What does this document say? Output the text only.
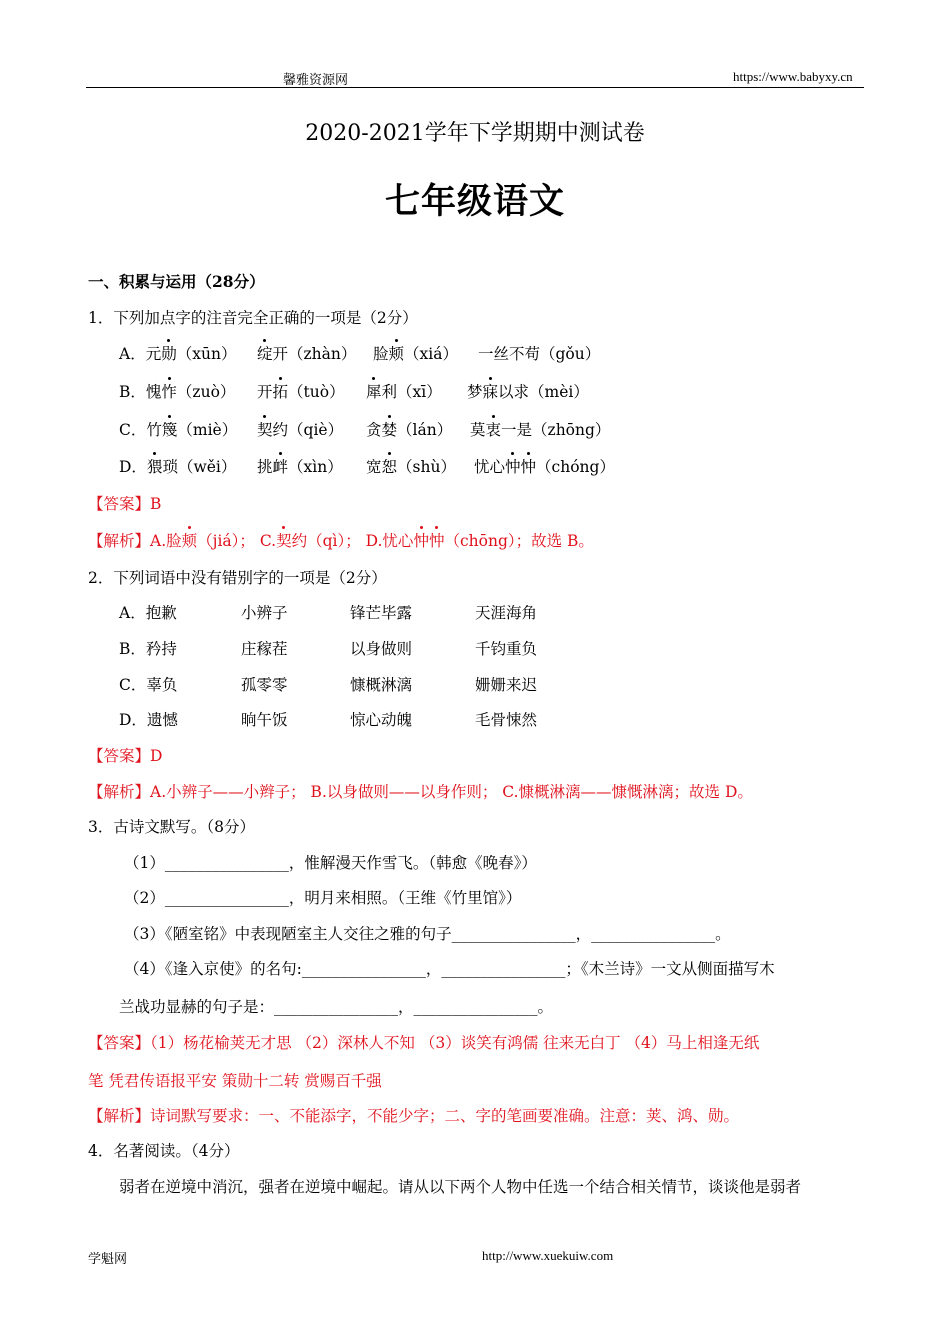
馨雅资源网	https://www.babyxy.cn
2020-2021学年下学期期中测试卷
七年级语文
一、积累与运用（28分）
1．下列加点字的注音完全正确的一项是（2分）
A．元勋（xūn） 绽开（zhàn） 脸颊（xiá） 一丝不苟（gǒu）
B．愧怍（zuò） 开拓（tuò） 犀利（xī） 梦寐以求（mèi）
C．竹篾（miè） 契约（qiè） 贪婪（lán） 莫衷一是（zhōng）
D．猥琐（wěi） 挑衅（xìn） 宽恕（shù） 忧心忡忡（chóng）
【答案】B
【解析】A.脸颊（jiá）； C.契约（qì）； D.忧心忡忡（chōng）；故选 B。
2．下列词语中没有错别字的一项是（2分）
A．抱歉	小辨子	锋芒毕露	天涯海角
B．矜持	庄稼茬	以身做则	千钧重负
C．辜负	孤零零	慷概淋漓	姗姗来迟
D．遗憾	晌午饭	惊心动魄	毛骨悚然
【答案】D
【解析】A.小辨子——小辫子； B.以身做则——以身作则； C.慷概淋漓——慷慨淋漓；故选 D。
3．古诗文默写。（8分）
（1）________________，惟解漫天作雪飞。（韩愈《晚春》）
（2）________________，明月来相照。（王维《竹里馆》）
（3）《陋室铭》中表现陋室主人交往之雅的句子________________，________________。
（4）《逢入京使》的名句:________________，________________；《木兰诗》一文从侧面描写木
兰战功显赫的句子是：________________，________________。
【答案】（1）杨花榆荚无才思 （2）深林人不知 （3）谈笑有鸿儒 往来无白丁 （4）马上相逢无纸
笔 凭君传语报平安 策勋十二转 赏赐百千强
【解析】诗词默写要求：一、不能添字，不能少字；二、字的笔画要准确。注意：荚、鸿、勋。
4．名著阅读。（4分）
弱者在逆境中消沉，强者在逆境中崛起。请从以下两个人物中任选一个结合相关情节，谈谈他是弱者
学魁网	http://www.xuekuiw.com
